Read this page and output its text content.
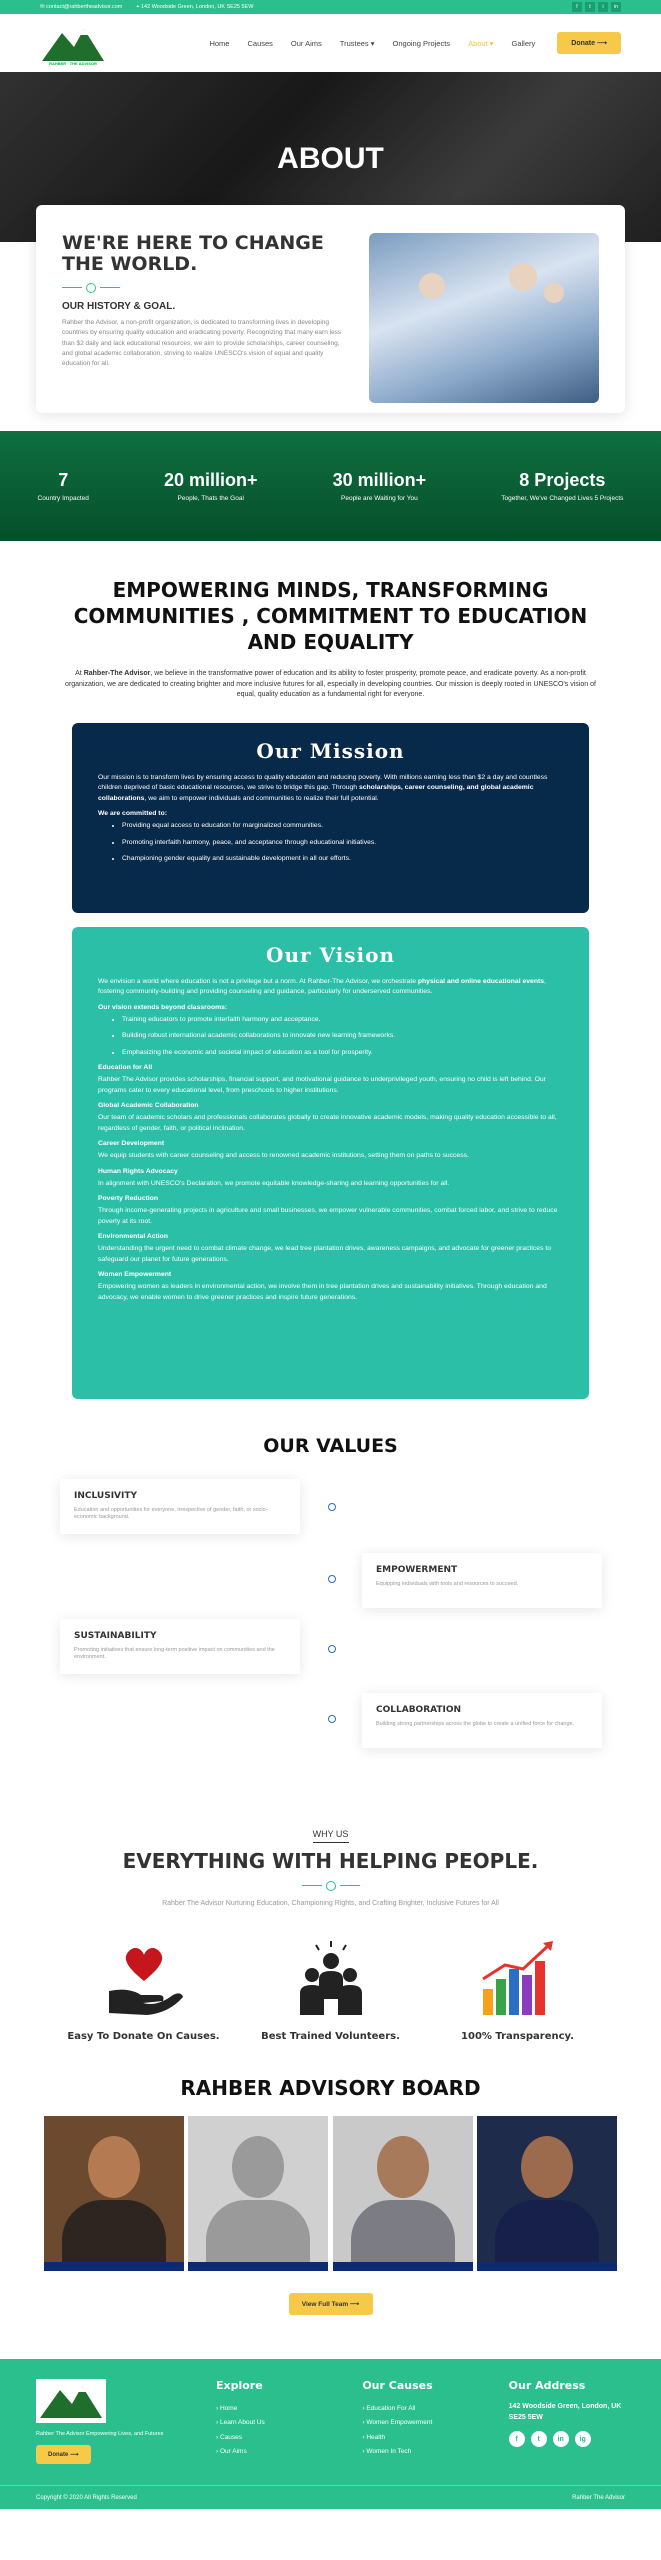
✉ contact@rahbertheadvisor.com	⌖ 142 Woodside Green, London, UK SE25 5EW	f	t	i	in
RAHBER · THE ADVISOR
Home Causes Our Aims Trustees ▾ Ongoing Projects About ▾ Gallery	Donate ⟶
ABOUT
WE'RE HERE TO CHANGE THE WORLD.
OUR HISTORY & GOAL.

Rahber the Advisor, a non-profit organization, is dedicated to transforming lives in developing countries by ensuring quality education and eradicating poverty. Recognizing that many earn less than $2 daily and lack educational resources, we aim to provide scholarships, career counseling, and global academic collaboration, striving to realize UNESCO's vision of equal and quality education for all.

7
Country Impacted
20 million+
People, Thats the Goal
30 million+
People are Waiting for You
8 Projects
Together, We've Changed Lives 5 Projects
EMPOWERING MINDS, TRANSFORMING COMMUNITIES , COMMITMENT TO EDUCATION AND EQUALITY

At Rahber-The Advisor, we believe in the transformative power of education and its ability to foster prosperity, promote peace, and eradicate poverty. As a non-profit organization, we are dedicated to creating brighter and more inclusive futures for all, especially in developing countries. Our mission is deeply rooted in UNESCO's vision of equal, quality education as a fundamental right for everyone.

Our Mission

Our mission is to transform lives by ensuring access to quality education and reducing poverty. With millions earning less than $2 a day and countless children deprived of basic educational resources, we strive to bridge this gap. Through scholarships, career counseling, and global academic collaborations, we aim to empower individuals and communities to realize their full potential.

We are committed to:
• Providing equal access to education for marginalized communities.
• Promoting interfaith harmony, peace, and acceptance through educational initiatives.
• Championing gender equality and sustainable development in all our efforts.
Our Vision

We envision a world where education is not a privilege but a norm. At Rahber-The Advisor, we orchestrate physical and online educational events, fostering community-building and providing counseling and guidance, particularly for underserved communities.

Our vision extends beyond classrooms:
• Training educators to promote interfaith harmony and acceptance.
• Building robust international academic collaborations to innovate new learning frameworks.
• Emphasizing the economic and societal impact of education as a tool for prosperity.
Education for All

Rahber The Advisor provides scholarships, financial support, and motivational guidance to underprivileged youth, ensuring no child is left behind. Our programs cater to every educational level, from preschools to higher institutions.

Global Academic Collaboration

Our team of academic scholars and professionals collaborates globally to create innovative academic models, making quality education accessible to all, regardless of gender, faith, or political inclination.

Career Development

We equip students with career counseling and access to renowned academic institutions, setting them on paths to success.

Human Rights Advocacy

In alignment with UNESCO's Declaration, we promote equitable knowledge-sharing and learning opportunities for all.

Poverty Reduction

Through income-generating projects in agriculture and small businesses, we empower vulnerable communities, combat forced labor, and strive to reduce poverty at its root.

Environmental Action

Understanding the urgent need to combat climate change, we lead tree plantation drives, awareness campaigns, and advocate for greener practices to safeguard our planet for future generations.

Women Empowerment

Empowering women as leaders in environmental action, we involve them in tree plantation drives and sustainability initiatives. Through education and advocacy, we enable women to drive greener practices and inspire future generations.

OUR VALUES
INCLUSIVITY

Education and opportunities for everyone, irrespective of gender, faith, or socio-economic background.

EMPOWERMENT

Equipping individuals with tools and resources to succeed.

SUSTAINABILITY

Promoting initiatives that ensure long-term positive impact on communities and the environment.

COLLABORATION

Building strong partnerships across the globe to create a unified force for change.

WHY US
EVERYTHING WITH HELPING PEOPLE.

Rahber The Advisor Nurturing Education, Championing Rights, and Crafting Brighter, Inclusive Futures for All

Easy To Donate On Causes.	Best Trained Volunteers.	100% Transparency.
RAHBER ADVISORY BOARD
View Full Team ⟶

Rahber The Advisor Empowering Lives, and Futures

Donate ⟶
Explore
› Home
› Learn About Us
› Causes
› Our Aims
Our Causes
› Education For All
› Women Empowerment
› Health
› Women In Tech
Our Address
142 Woodside Green, London, UK SE25 5EW
f	t	in	ig
Copyright © 2020 All Rights Reserved	Rahber The Advisor
